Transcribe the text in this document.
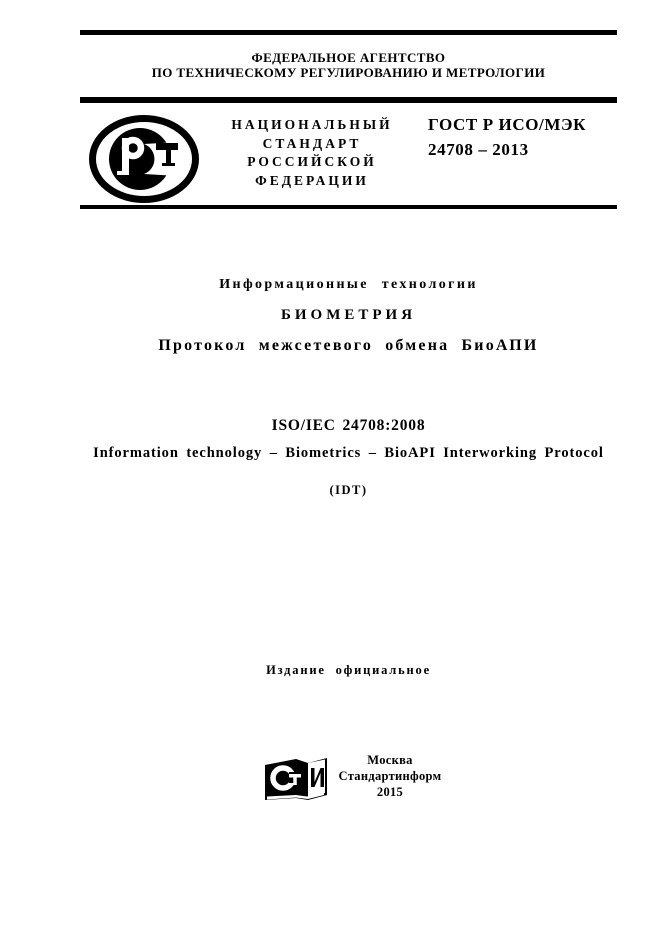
ФЕДЕРАЛЬНОЕ АГЕНТСТВО
ПО ТЕХНИЧЕСКОМУ РЕГУЛИРОВАНИЮ И МЕТРОЛОГИИ
НАЦИОНАЛЬНЫЙ
СТАНДАРТ
РОССИЙСКОЙ
ФЕДЕРАЦИИ
ГОСТ Р ИСО/МЭК
24708 – 2013
Информационные технологии
БИОМЕТРИЯ
Протокол межсетевого обмена БиоАПИ
ISO/IEC 24708:2008
Information technology – Biometrics – BioAPI Interworking Protocol
(IDT)
Издание официальное
Москва
Стандартинформ
2015
